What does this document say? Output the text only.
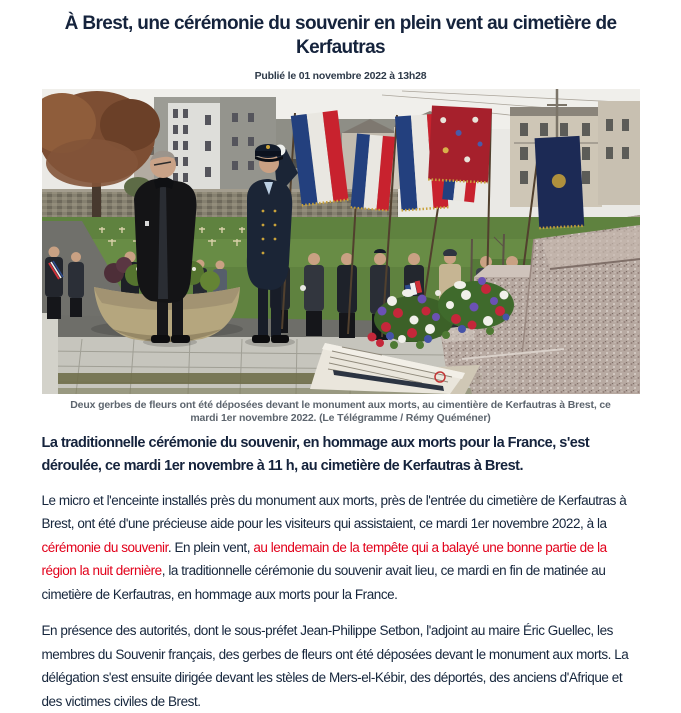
À Brest, une cérémonie du souvenir en plein vent au cimetière de Kerfautras
Publié le 01 novembre 2022 à 13h28
Deux gerbes de fleurs ont été déposées devant le monument aux morts, au cimentière de Kerfautras à Brest, ce mardi 1er novembre 2022. (Le Télégramme / Rémy Quéméner)

La traditionnelle cérémonie du souvenir, en hommage aux morts pour la France, s'est déroulée, ce mardi 1er novembre à 11 h, au cimetière de Kerfautras à Brest.

Le micro et l'enceinte installés près du monument aux morts, près de l'entrée du cimetière de Kerfautras à Brest, ont été d'une précieuse aide pour les visiteurs qui assistaient, ce mardi 1er novembre 2022, à la cérémonie du souvenir. En plein vent, au lendemain de la tempête qui a balayé une bonne partie de la région la nuit dernière, la traditionnelle cérémonie du souvenir avait lieu, ce mardi en fin de matinée au cimetière de Kerfautras, en hommage aux morts pour la France.

En présence des autorités, dont le sous-préfet Jean-Philippe Setbon, l'adjoint au maire Éric Guellec, les membres du Souvenir français, des gerbes de fleurs ont été déposées devant le monument aux morts. La délégation s'est ensuite dirigée devant les stèles de Mers-el-Kébir, des déportés, des anciens d'Afrique et des victimes civiles de Brest.
